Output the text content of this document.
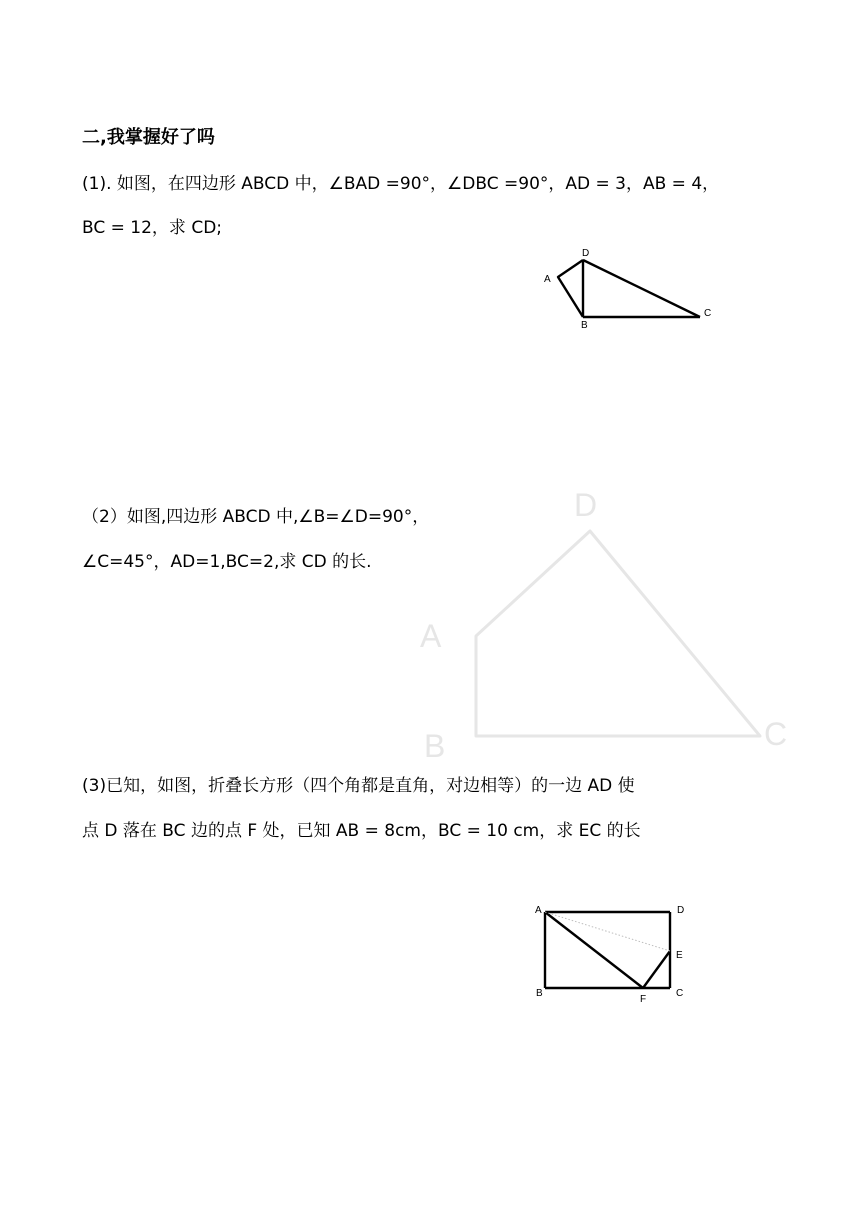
二,我掌握好了吗
(1). 如图，在四边形 ABCD 中，∠BAD =90°，∠DBC =90°，AD = 3，AB = 4，
BC = 12，求 CD;
D
A
B
C
D
A
B	C
A	D
E
B
F
C
（2）如图,四边形 ABCD 中,∠B=∠D=90°，
∠C=45°，AD=1,BC=2,求 CD 的长.
(3)已知，如图，折叠长方形（四个角都是直角，对边相等）的一边 AD 使
点 D 落在 BC 边的点 F 处，已知 AB = 8cm，BC = 10 cm，求 EC 的长
